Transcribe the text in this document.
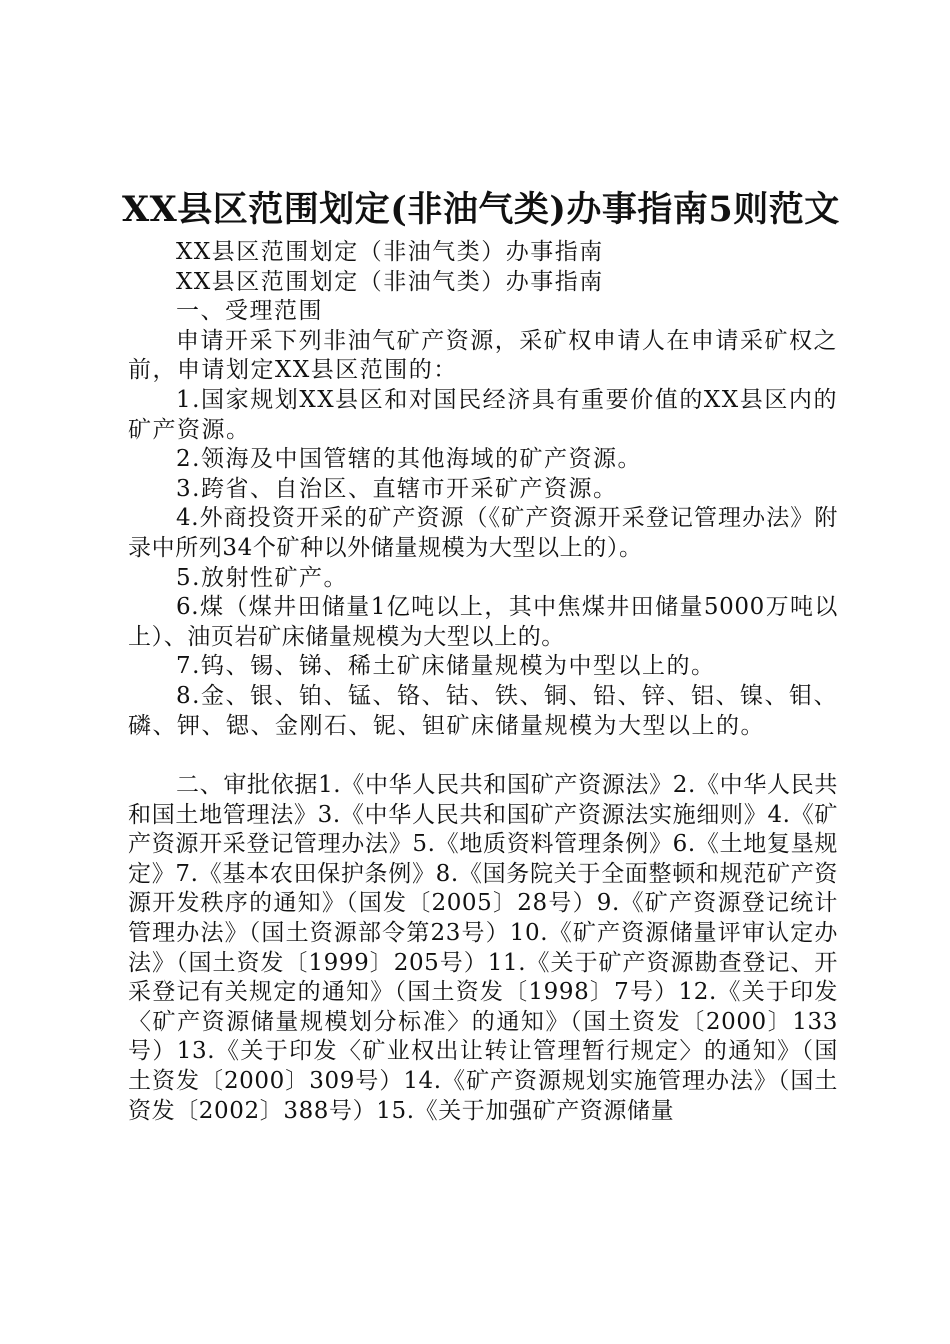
XX县区范围划定(非油气类)办事指南5则范文

XX县区范围划定（非油气类）办事指南

XX县区范围划定（非油气类）办事指南

一、受理范围

申请开采下列非油气矿产资源，采矿权申请人在申请采矿权之前，申请划定XX县区范围的：

1.国家规划XX县区和对国民经济具有重要价值的XX县区内的矿产资源。

2.领海及中国管辖的其他海域的矿产资源。

3.跨省、自治区、直辖市开采矿产资源。

4.外商投资开采的矿产资源（《矿产资源开采登记管理办法》附录中所列34个矿种以外储量规模为大型以上的）。

5.放射性矿产。

6.煤（煤井田储量1亿吨以上，其中焦煤井田储量5000万吨以上）、油页岩矿床储量规模为大型以上的。

7.钨、锡、锑、稀土矿床储量规模为中型以上的。

8.金、银、铂、锰、铬、钴、铁、铜、铅、锌、铝、镍、钼、磷、钾、锶、金刚石、铌、钽矿床储量规模为大型以上的。

二、审批依据1.《中华人民共和国矿产资源法》2.《中华人民共和国土地管理法》3.《中华人民共和国矿产资源法实施细则》4.《矿产资源开采登记管理办法》5.《地质资料管理条例》6.《土地复垦规定》7.《基本农田保护条例》8.《国务院关于全面整顿和规范矿产资源开发秩序的通知》（国发〔2005〕28号）9.《矿产资源登记统计管理办法》（国土资源部令第23号）10.《矿产资源储量评审认定办法》（国土资发〔1999〕205号）11.《关于矿产资源勘查登记、开采登记有关规定的通知》（国土资发〔1998〕7号）12.《关于印发〈矿产资源储量规模划分标准〉的通知》（国土资发〔2000〕133号）13.《关于印发〈矿业权出让转让管理暂行规定〉的通知》（国土资发〔2000〕309号）14.《矿产资源规划实施管理办法》（国土资发〔2002〕388号）15.《关于加强矿产资源储量
